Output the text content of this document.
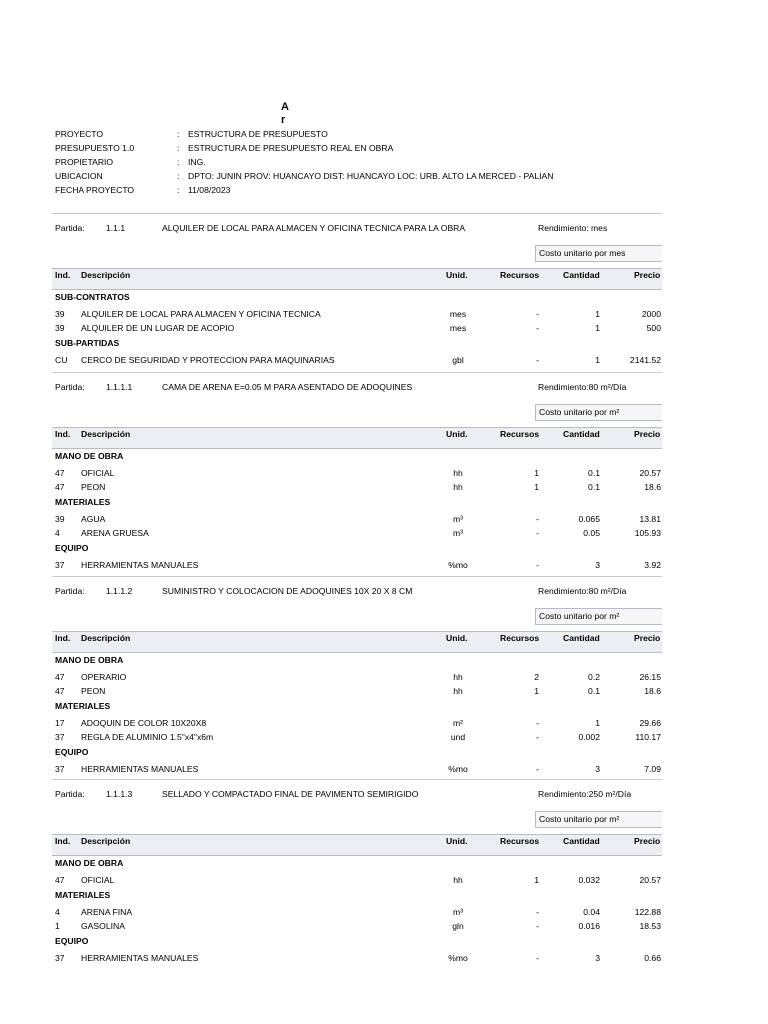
A
r
PROYECTO	: ESTRUCTURA DE PRESUPUESTO
PRESUPUESTO 1.0	: ESTRUCTURA DE PRESUPUESTO REAL EN OBRA
PROPIETARIO	: ING.
UBICACION	: DPTO: JUNIN PROV: HUANCAYO DIST: HUANCAYO LOC: URB. ALTO LA MERCED - PALIAN
FECHA PROYECTO	: 11/08/2023
Partida: 1.1.1	ALQUILER DE LOCAL PARA ALMACEN Y OFICINA TECNICA PARA LA OBRA	Rendimiento: mes
Costo unitario por mes
Ind. Descripción	Unid.	Recursos	Cantidad	Precio
SUB-CONTRATOS
39 ALQUILER DE LOCAL PARA ALMACEN Y OFICINA TECNICA	mes	-	1	2000
39 ALQUILER DE UN LUGAR DE ACOPIO	mes	-	1	500
SUB-PARTIDAS
CU CERCO DE SEGURIDAD Y PROTECCION PARA MAQUINARIAS	gbl	-	1	2141.52
Partida: 1.1.1.1	CAMA DE ARENA E=0.05 M PARA ASENTADO DE ADOQUINES	Rendimiento:80 m²/Día
Costo unitario por m²
Ind. Descripción	Unid.	Recursos	Cantidad	Precio
MANO DE OBRA
47 OFICIAL	hh	1	0.1	20.57
47 PEON	hh	1	0.1	18.6
MATERIALES
39 AGUA	m³	-	0.065	13.81
4 ARENA GRUESA	m³	-	0.05	105.93
EQUIPO
37 HERRAMIENTAS MANUALES	%mo	-	3	3.92
Partida: 1.1.1.2	SUMINISTRO Y COLOCACION DE ADOQUINES 10X 20 X 8 CM	Rendimiento:80 m²/Día
Costo unitario por m²
Ind. Descripción	Unid.	Recursos	Cantidad	Precio
MANO DE OBRA
47 OPERARIO	hh	2	0.2	26.15
47 PEON	hh	1	0.1	18.6
MATERIALES
17 ADOQUIN DE COLOR 10X20X8	m²	-	1	29.66
37 REGLA DE ALUMINIO 1.5"x4"x6m	und	-	0.002	110.17
EQUIPO
37 HERRAMIENTAS MANUALES	%mo	-	3	7.09
Partida: 1.1.1.3	SELLADO Y COMPACTADO FINAL DE PAVIMENTO SEMIRIGIDO	Rendimiento:250 m²/Día
Costo unitario por m²
Ind. Descripción	Unid.	Recursos	Cantidad	Precio
MANO DE OBRA
47 OFICIAL	hh	1	0.032	20.57
MATERIALES
4 ARENA FINA	m³	-	0.04	122.88
1 GASOLINA	gln	-	0.016	18.53
EQUIPO
37 HERRAMIENTAS MANUALES	%mo	-	3	0.66
